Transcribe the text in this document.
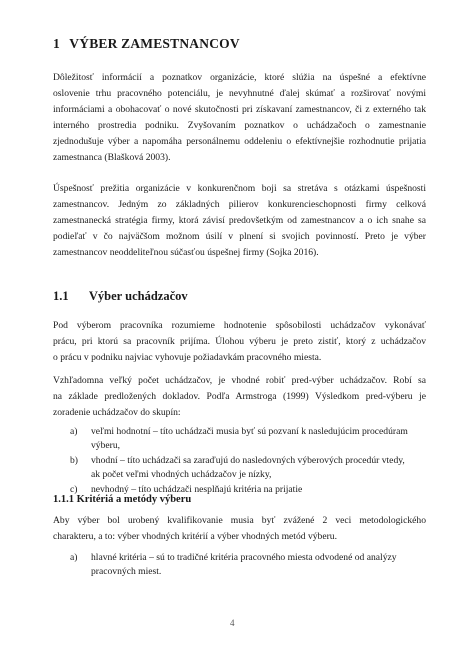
1 VÝBER ZAMESTNANCOV
Dôležitosť informácií a poznatkov organizácie, ktoré slúžia na úspešné a efektívne
oslovenie trhu pracovného potenciálu, je nevyhnutné ďalej skúmať a rozširovať novými
informáciami a obohacovať o nové skutočnosti pri získavaní zamestnancov, či z externého tak
interného prostredia podniku. Zvyšovaním poznatkov o uchádzačoch o zamestnanie
zjednodušuje výber a napomáha personálnemu oddeleniu o efektívnejšie rozhodnutie prijatia
zamestnanca (Blašková 2003).
Úspešnosť prežitia organizácie v konkurenčnom boji sa stretáva s otázkami úspešnosti
zamestnancov. Jedným zo základných pilierov konkurencieschopnosti firmy celková
zamestnanecká stratégia firmy, ktorá závisí predovšetkým od zamestnancov a o ich snahe sa
podieľať v čo najväčšom možnom úsilí v plnení si svojich povinností. Preto je výber
zamestnancov neoddeliteľnou súčasťou úspešnej firmy (Sojka 2016).
1.1 Výber uchádzačov
Pod výberom pracovníka rozumieme hodnotenie spôsobilosti uchádzačov vykonávať
prácu, pri ktorú sa pracovník prijíma. Úlohou výberu je preto zistiť, ktorý z uchádzačov
o prácu v podniku najviac vyhovuje požiadavkám pracovného miesta.
Vzhľadomna veľký počet uchádzačov, je vhodné robiť pred-výber uchádzačov. Robí sa
na základe predložených dokladov. Podľa Armstroga (1999) Výsledkom pred-výberu je
zoradenie uchádzačov do skupín:
a) veľmi hodnotní – títo uchádzači musia byť sú pozvaní k nasledujúcim procedúram
výberu,
b) vhodní – títo uchádzači sa zaraďujú do nasledovných výberových procedúr vtedy,
ak počet veľmi vhodných uchádzačov je nízky,
1.1.1 Kritériá a metódy výberu
Aby výber bol urobený kvalifikovanie musia byť zvážené 2 veci metodologického
charakteru, a to: výber vhodných kritérií a výber vhodných metód výberu.
a) hlavné kritéria – sú to tradičné kritéria pracovného miesta odvodené od analýzy
pracovných miest.
4
c) nevhodný – títo uchádzači nesplňajú kritéria na prijatie
